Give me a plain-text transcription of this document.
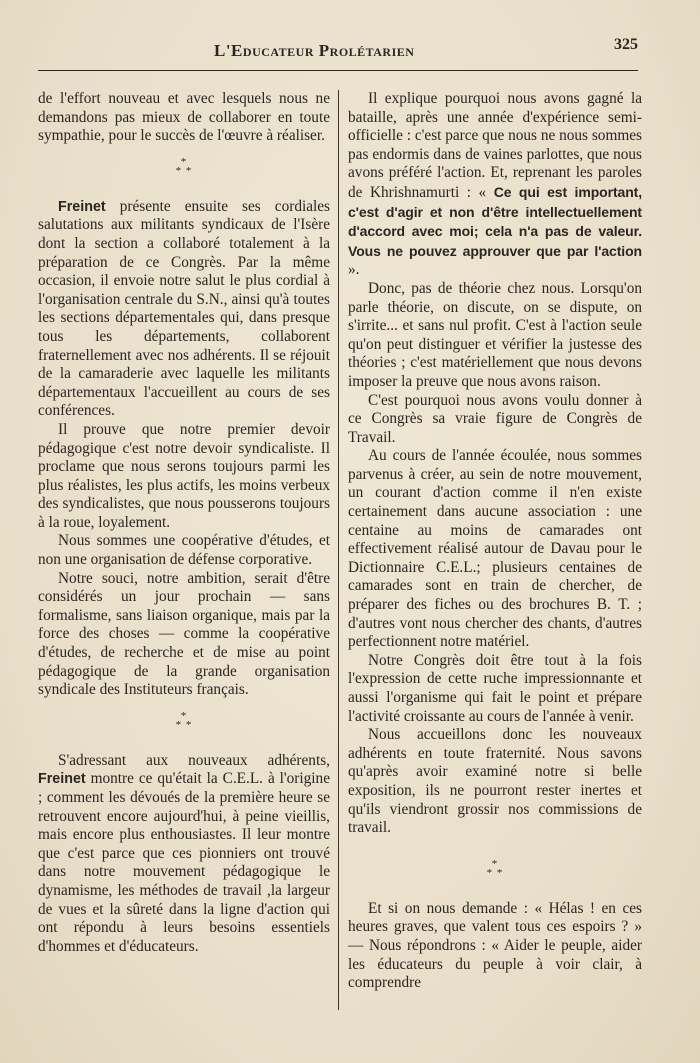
L'Educateur Prolétarien	325

de l'effort nouveau et avec lesquels nous ne demandons pas mieux de collaborer en toute sympathie, pour le succès de l'œuvre à réaliser.

*
* *

Freinet présente ensuite ses cordiales salutations aux militants syndicaux de l'Isère dont la section a collaboré totalement à la préparation de ce Congrès. Par la même occasion, il envoie notre salut le plus cordial à l'organisation centrale du S.N., ainsi qu'à toutes les sections départementales qui, dans presque tous les départements, collaborent fraternellement avec nos adhérents. Il se réjouit de la camaraderie avec laquelle les militants départementaux l'accueillent au cours de ses conférences.

Il prouve que notre premier devoir pédagogique c'est notre devoir syndicaliste. Il proclame que nous serons toujours parmi les plus réalistes, les plus actifs, les moins verbeux des syndicalistes, que nous pousserons toujours à la roue, loyalement.

Nous sommes une coopérative d'études, et non une organisation de défense corporative.

Notre souci, notre ambition, serait d'être considérés un jour prochain — sans formalisme, sans liaison organique, mais par la force des choses — comme la coopérative d'études, de recherche et de mise au point pédagogique de la grande organisation syndicale des Instituteurs français.

*
* *

S'adressant aux nouveaux adhérents, Freinet montre ce qu'était la C.E.L. à l'origine ; comment les dévoués de la première heure se retrouvent encore aujourd'hui, à peine vieillis, mais encore plus enthousiastes. Il leur montre que c'est parce que ces pionniers ont trouvé dans notre mouvement pédagogique le dynamisme, les méthodes de travail ,la largeur de vues et la sûreté dans la ligne d'action qui ont répondu à leurs besoins essentiels d'hommes et d'éducateurs.

Il explique pourquoi nous avons gagné la bataille, après une année d'expérience semi-officielle : c'est parce que nous ne nous sommes pas endormis dans de vaines parlottes, que nous avons préféré l'action. Et, reprenant les paroles de Khrishnamurti : « Ce qui est important, c'est d'agir et non d'être intellectuellement d'accord avec moi; cela n'a pas de valeur. Vous ne pouvez approuver que par l'action ».

Donc, pas de théorie chez nous. Lorsqu'on parle théorie, on discute, on se dispute, on s'irrite... et sans nul profit. C'est à l'action seule qu'on peut distinguer et vérifier la justesse des théories ; c'est matériellement que nous devons imposer la preuve que nous avons raison.

C'est pourquoi nous avons voulu donner à ce Congrès sa vraie figure de Congrès de Travail.

Au cours de l'année écoulée, nous sommes parvenus à créer, au sein de notre mouvement, un courant d'action comme il n'en existe certainement dans aucune association : une centaine au moins de camarades ont effectivement réalisé autour de Davau pour le Dictionnaire C.E.L.; plusieurs centaines de camarades sont en train de chercher, de préparer des fiches ou des brochures B. T. ; d'autres vont nous chercher des chants, d'autres perfectionnent notre matériel.

Notre Congrès doit être tout à la fois l'expression de cette ruche impressionnante et aussi l'organisme qui fait le point et prépare l'activité croissante au cours de l'année à venir.

Nous accueillons donc les nouveaux adhérents en toute fraternité. Nous savons qu'après avoir examiné notre si belle exposition, ils ne pourront rester inertes et qu'ils viendront grossir nos commissions de travail.

*
* *

Et si on nous demande : « Hélas ! en ces heures graves, que valent tous ces espoirs ? » — Nous répondrons : « Aider le peuple, aider les éducateurs du peuple à voir clair, à comprendre
